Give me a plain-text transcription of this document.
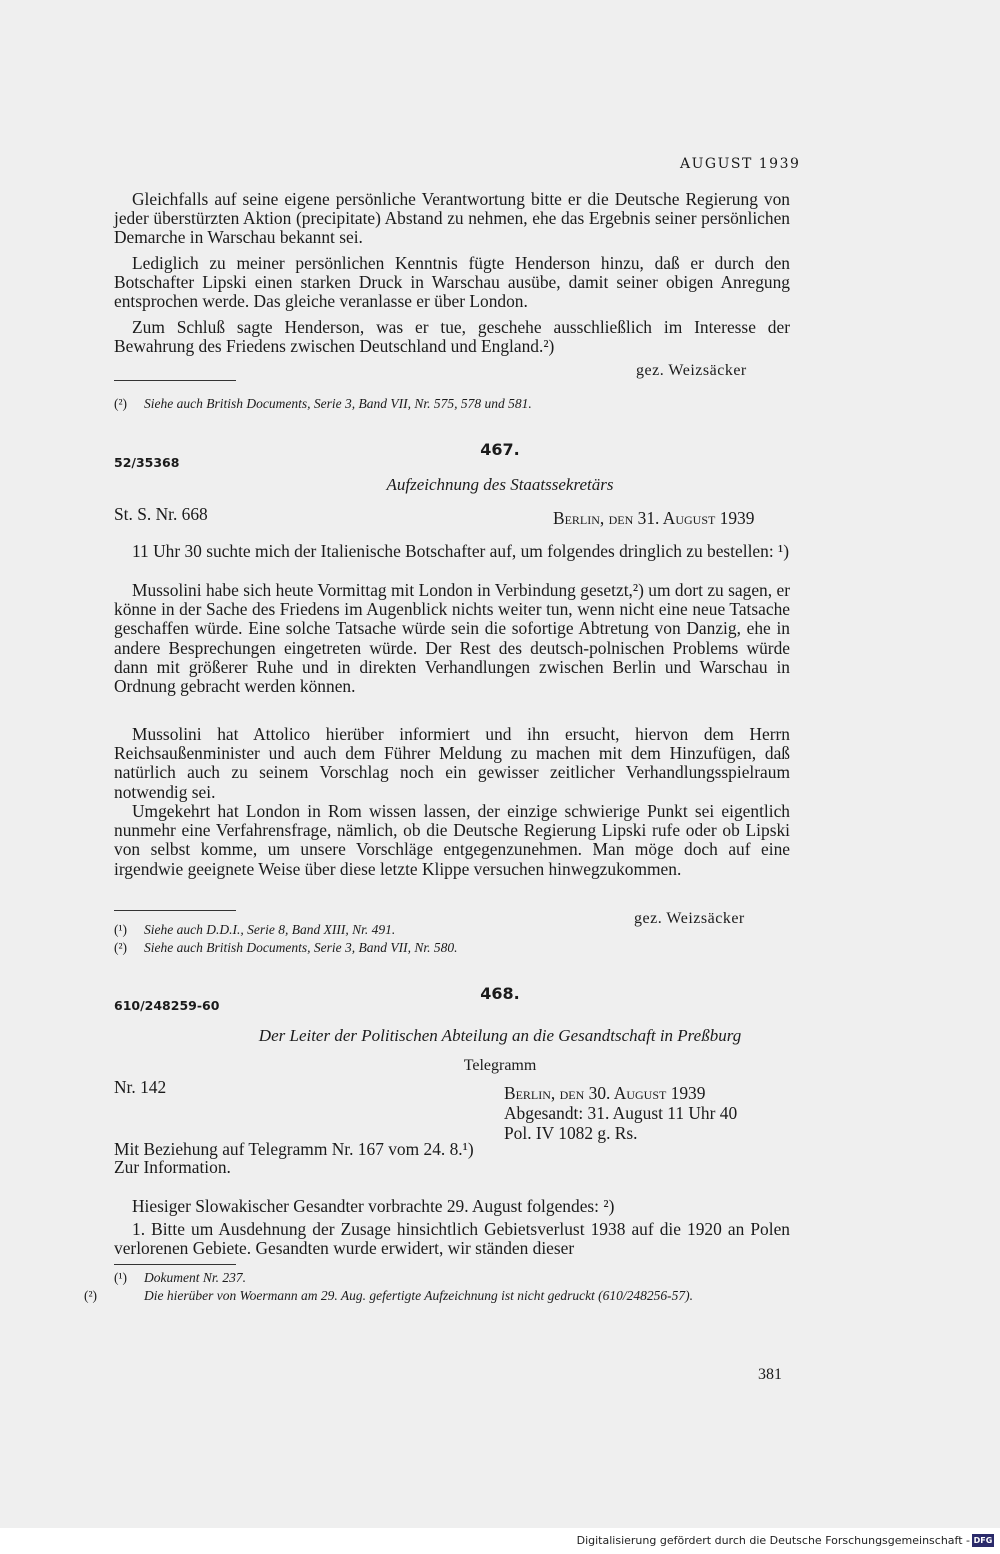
AUGUST 1939
Gleichfalls auf seine eigene persönliche Verantwortung bitte er die Deutsche Regierung von jeder überstürzten Aktion (precipitate) Abstand zu nehmen, ehe das Ergebnis seiner persönlichen Demarche in Warschau bekannt sei.
Lediglich zu meiner persönlichen Kenntnis fügte Henderson hinzu, daß er durch den Botschafter Lipski einen starken Druck in Warschau ausübe, damit seiner obigen Anregung entsprochen werde. Das gleiche veranlasse er über London.
Zum Schluß sagte Henderson, was er tue, geschehe ausschließlich im Interesse der Bewahrung des Friedens zwischen Deutschland und England.²)
gez. Weizsäcker
(²) Siehe auch British Documents, Serie 3, Band VII, Nr. 575, 578 und 581.
467.
52/35368
Aufzeichnung des Staatssekretärs
St. S. Nr. 668	Berlin, den 31. August 1939
11 Uhr 30 suchte mich der Italienische Botschafter auf, um folgendes dringlich zu bestellen: ¹)
Mussolini habe sich heute Vormittag mit London in Verbindung gesetzt,²) um dort zu sagen, er könne in der Sache des Friedens im Augenblick nichts weiter tun, wenn nicht eine neue Tatsache geschaffen würde. Eine solche Tatsache würde sein die sofortige Abtretung von Danzig, ehe in andere Besprechungen eingetreten würde. Der Rest des deutsch-polnischen Problems würde dann mit größerer Ruhe und in direkten Verhandlungen zwischen Berlin und Warschau in Ordnung gebracht werden können.
Mussolini hat Attolico hierüber informiert und ihn ersucht, hiervon dem Herrn Reichsaußenminister und auch dem Führer Meldung zu machen mit dem Hinzufügen, daß natürlich auch zu seinem Vorschlag noch ein gewisser zeitlicher Verhandlungsspielraum notwendig sei.
Umgekehrt hat London in Rom wissen lassen, der einzige schwierige Punkt sei eigentlich nunmehr eine Verfahrensfrage, nämlich, ob die Deutsche Regierung Lipski rufe oder ob Lipski von selbst komme, um unsere Vorschläge entgegenzunehmen. Man möge doch auf eine irgendwie geeignete Weise über diese letzte Klippe versuchen hinwegzukommen.
gez. Weizsäcker
(¹) Siehe auch D.D.I., Serie 8, Band XIII, Nr. 491.
(²) Siehe auch British Documents, Serie 3, Band VII, Nr. 580.
468.
610/248259-60
Der Leiter der Politischen Abteilung an die Gesandtschaft in Preßburg
Telegramm
Nr. 142	Berlin, den 30. August 1939
Abgesandt: 31. August 11 Uhr 40
Pol. IV 1082 g. Rs.
Mit Beziehung auf Telegramm Nr. 167 vom 24. 8.¹)
Zur Information.
Hiesiger Slowakischer Gesandter vorbrachte 29. August folgendes: ²)
1. Bitte um Ausdehnung der Zusage hinsichtlich Gebietsverlust 1938 auf die 1920 an Polen verlorenen Gebiete. Gesandten wurde erwidert, wir ständen dieser
(¹) Dokument Nr. 237.
(²)	Die hierüber von Woermann am 29. Aug. gefertigte Aufzeichnung ist nicht gedruckt (610/248256-57).
381
Digitalisierung gefördert durch die Deutsche Forschungsgemeinschaft - DFG
